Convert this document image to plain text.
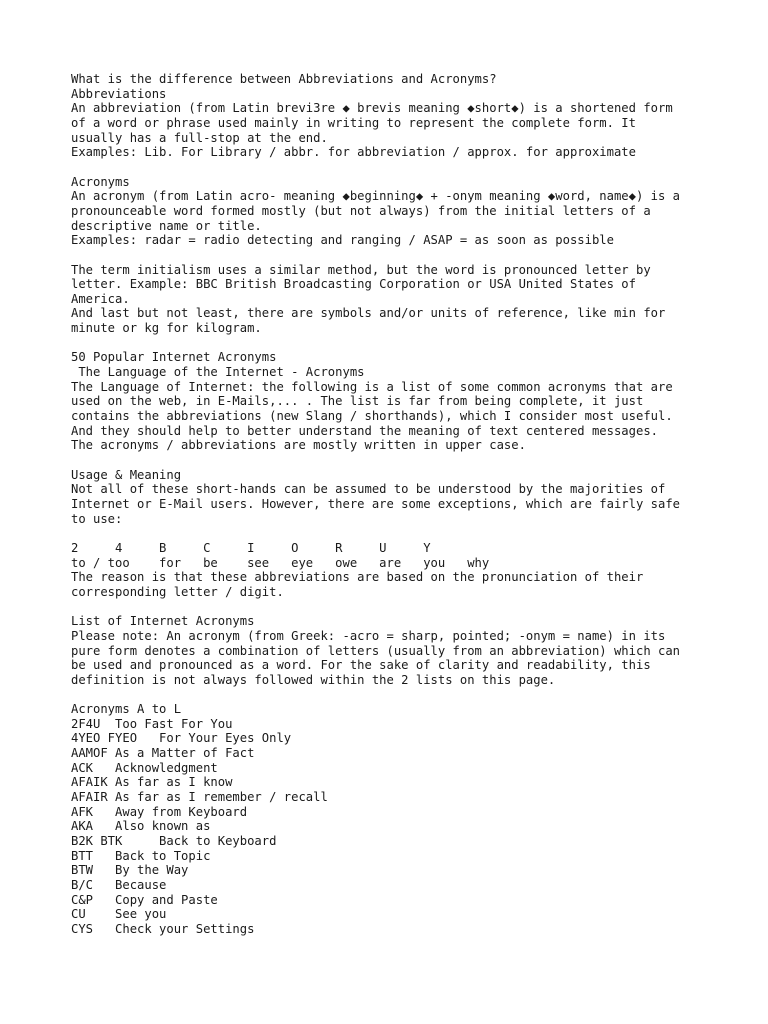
What is the difference between Abbreviations and Acronyms?
Abbreviations
An abbreviation (from Latin brevi3re ◆ brevis meaning ◆short◆) is a shortened form
of a word or phrase used mainly in writing to represent the complete form. It
usually has a full-stop at the end.
Examples: Lib. For Library / abbr. for abbreviation / approx. for approximate
Acronyms
An acronym (from Latin acro- meaning ◆beginning◆ + -onym meaning ◆word, name◆) is a
pronounceable word formed mostly (but not always) from the initial letters of a
descriptive name or title.
Examples: radar = radio detecting and ranging / ASAP = as soon as possible
The term initialism uses a similar method, but the word is pronounced letter by
letter. Example: BBC British Broadcasting Corporation or USA United States of
America.
And last but not least, there are symbols and/or units of reference, like min for
minute or kg for kilogram.
50 Popular Internet Acronyms
The Language of the Internet - Acronyms
The Language of Internet: the following is a list of some common acronyms that are
used on the web, in E-Mails,... . The list is far from being complete, it just
contains the abbreviations (new Slang / shorthands), which I consider most useful.
And they should help to better understand the meaning of text centered messages.
The acronyms / abbreviations are mostly written in upper case.
Usage & Meaning
Not all of these short-hands can be assumed to be understood by the majorities of
Internet or E-Mail users. However, there are some exceptions, which are fairly safe
to use:
2     4     B     C     I     O     R     U     Y
to / too    for   be    see   eye   owe   are   you   why
The reason is that these abbreviations are based on the pronunciation of their
corresponding letter / digit.
List of Internet Acronyms
Please note: An acronym (from Greek: -acro = sharp, pointed; -onym = name) in its
pure form denotes a combination of letters (usually from an abbreviation) which can
be used and pronounced as a word. For the sake of clarity and readability, this
definition is not always followed within the 2 lists on this page.
Acronyms A to L
2F4U  Too Fast For You
4YEO FYEO   For Your Eyes Only
AAMOF As a Matter of Fact
ACK   Acknowledgment
AFAIK As far as I know
AFAIR As far as I remember / recall
AFK   Away from Keyboard
AKA   Also known as
B2K BTK     Back to Keyboard
BTT   Back to Topic
BTW   By the Way
B/C   Because
C&P   Copy and Paste
CU    See you
CYS   Check your Settings
